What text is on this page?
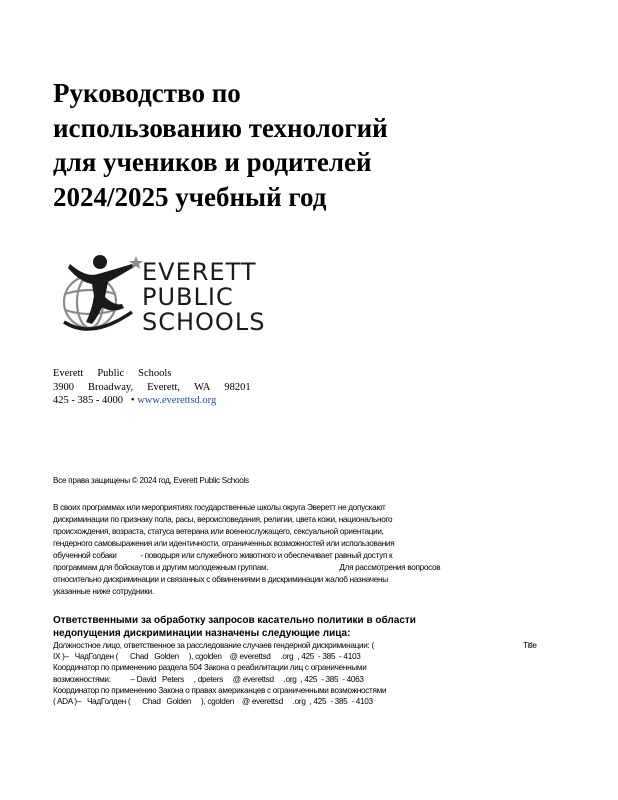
Руководство по
использованию технологий
для учеников и родителей
2024/2025 учебный год
EVERETT
PUBLIC
SCHOOLS
Everett Public Schools
3900 Broadway, Everett, WA 98201
425 - 385 - 4000 • www.everettsd.org
Все права защищены © 2024 год, Everett Public Schools
В своих программах или мероприятиях государственные школы округа Эверетт не допускают
дискриминации по признаку пола, расы, вероисповедания, религии, цвета кожи, национального
происхождения, возраста, статуса ветерана или военнослужащего, сексуальной ориентации,
гендерного самовыражения или идентичности, ограниченных возможностей или использования
обученной собаки            - поводыря или служебного животного и обеспечивает равный доступ к
программам для бойскаутов и другим молодежным группам.                                    Для рассмотрения вопросов
относительно дискриминации и связанных с обвинениями в дискриминации жалоб назначены
указанные ниже сотрудники.
Ответственными за обработку запросов касательно политики в области
недопущения дискриминации назначены следующие лица:
Должностное лицо, ответственное за расследование случаев гендерной дискриминации: (	Title
IX )–   ЧадГолден (      Chad   Golden     ), cgolden    @ everettsd     .org  , 425  - 385  - 4103
Координатор по применению раздела 504 Закона о реабилитации лиц с ограниченными
возможностями:          – David   Peters     , dpeters     @ everettsd     .org  , 425  - 385  - 4063
Координатор по применению Закона о правах американцев с ограниченными возможностями
( ADA )–   ЧадГолден (      Chad   Golden     ), cgolden    @ everettsd     .org  , 425  - 385  - 4103
